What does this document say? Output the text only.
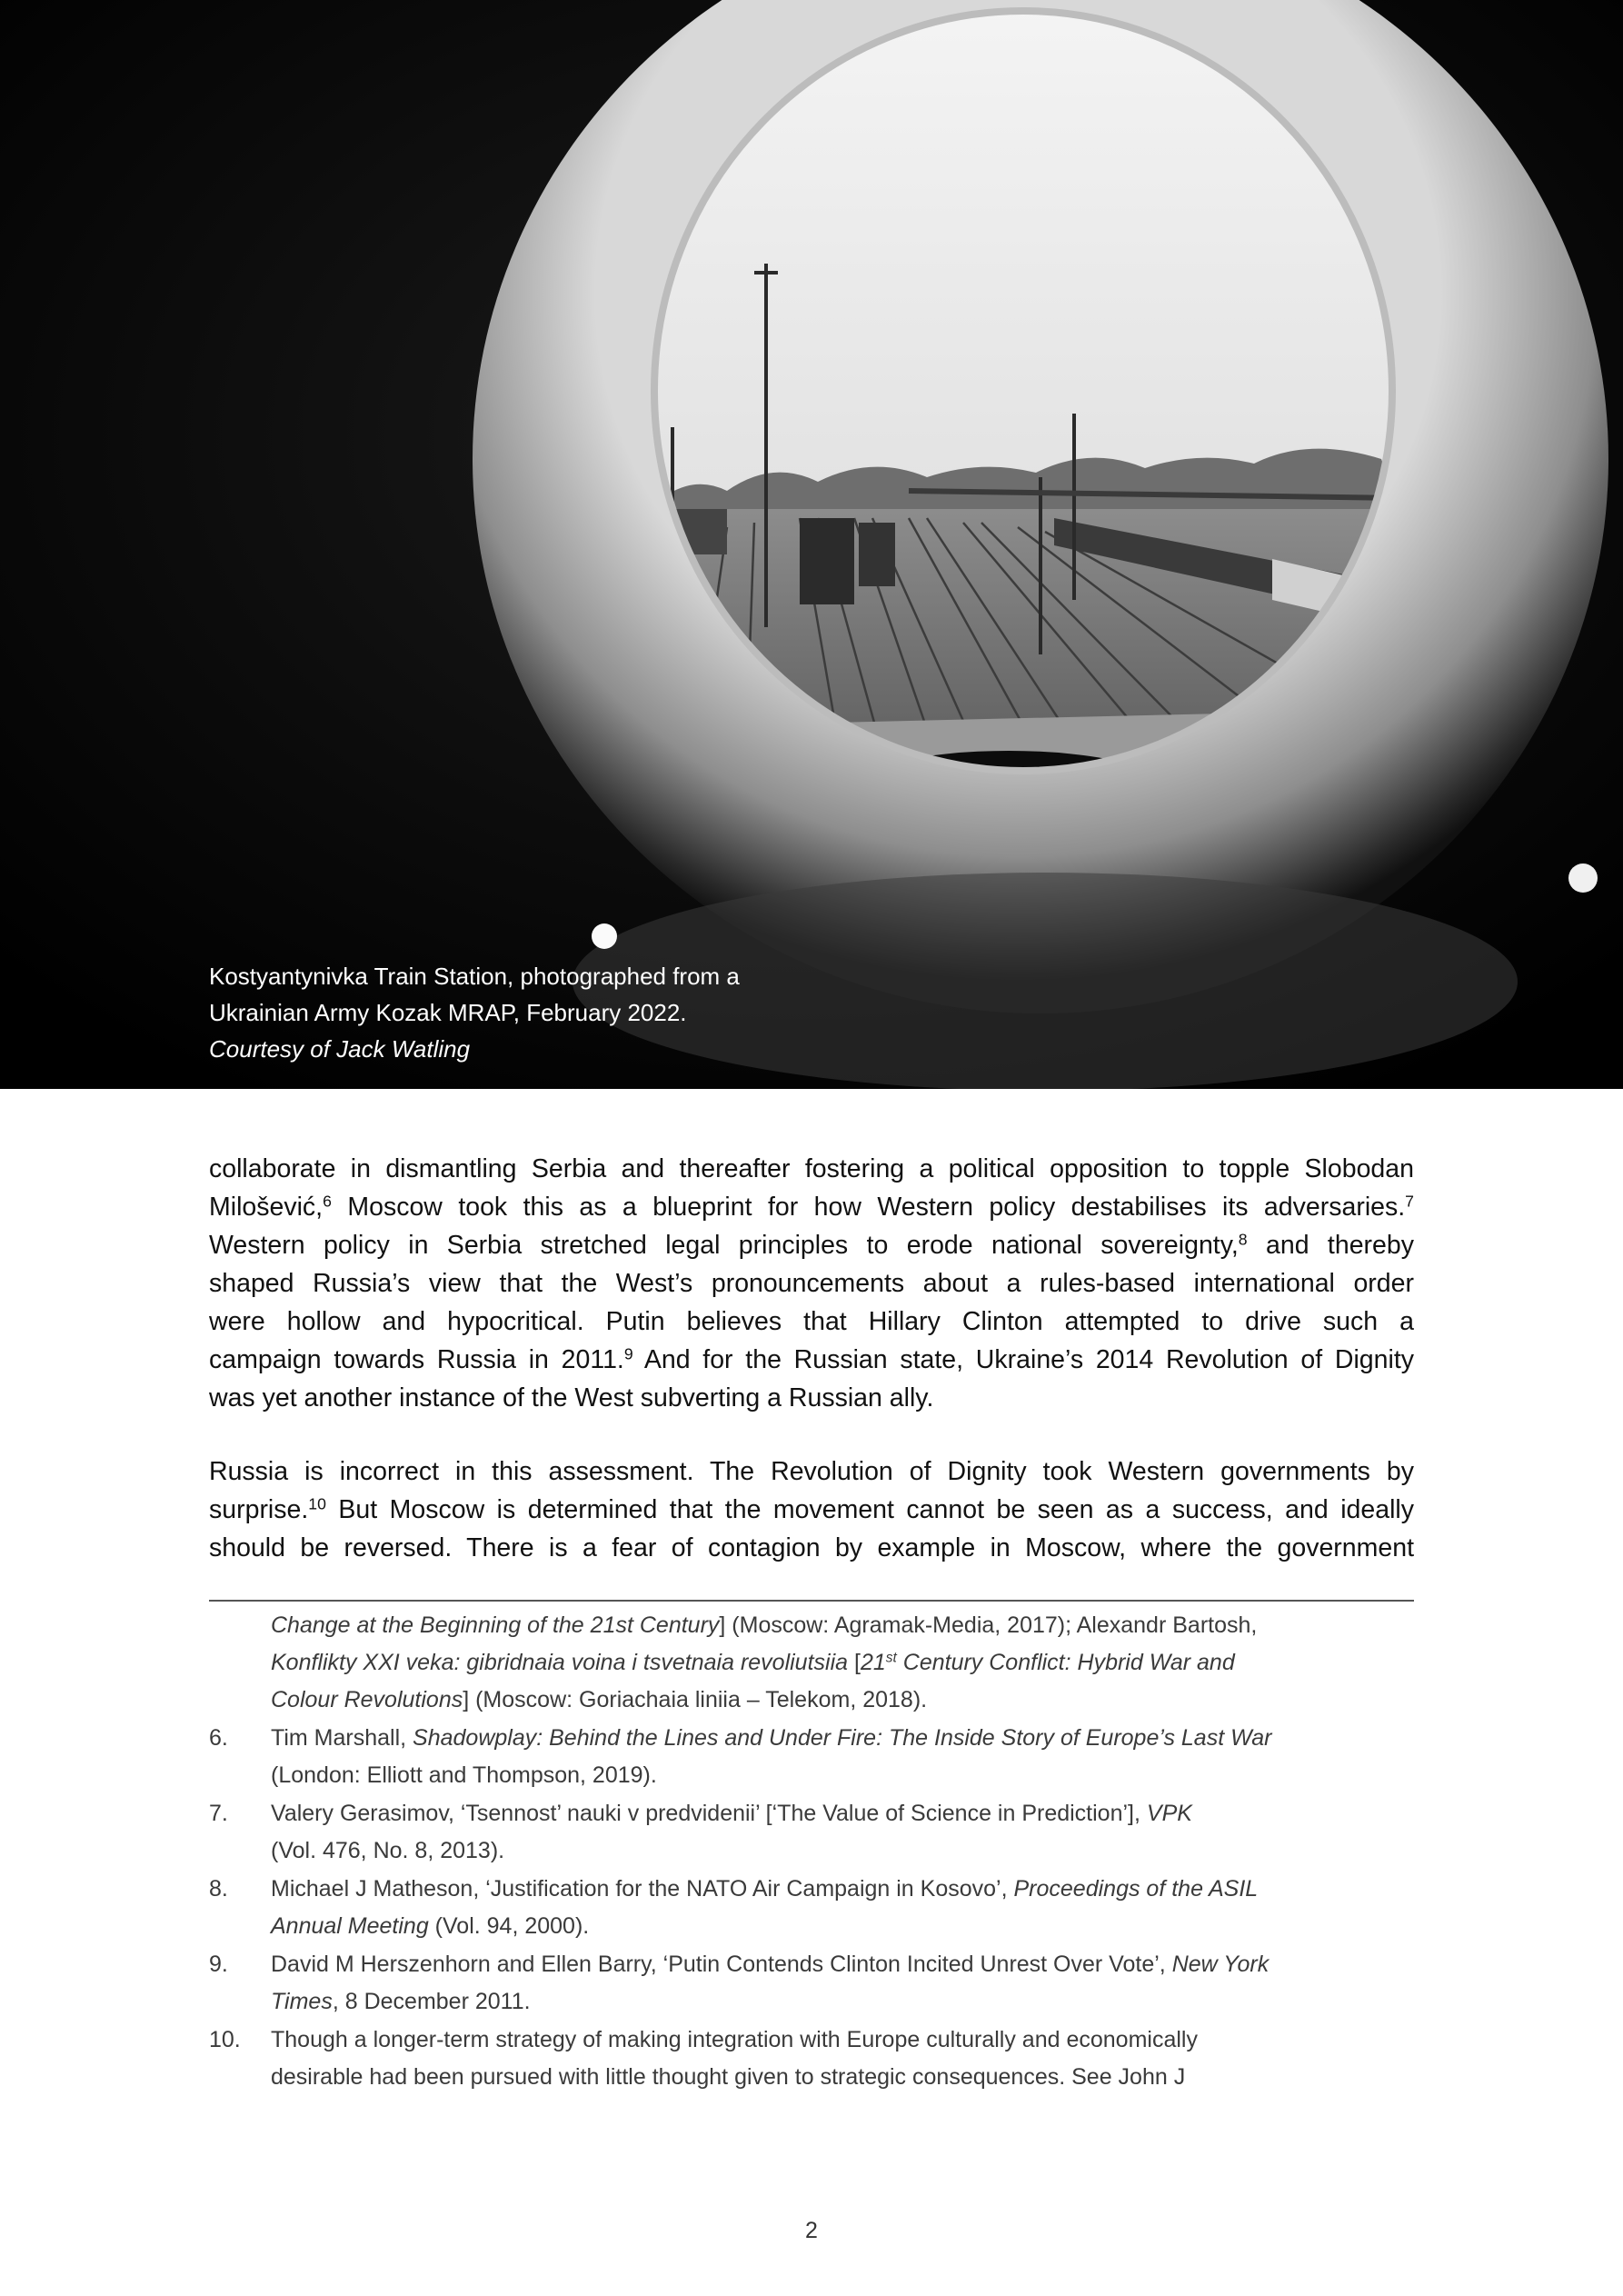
Kostyantynivka Train Station, photographed from a
Ukrainian Army Kozak MRAP, February 2022.
Courtesy of Jack Watling
collaborate in dismantling Serbia and thereafter fostering a political opposition to topple Slobodan
Milošević,$^6$ Moscow took this as a blueprint for how Western policy destabilises its adversaries.$^7$
Western policy in Serbia stretched legal principles to erode national sovereignty,$^8$ and thereby
shaped Russia’s view that the West’s pronouncements about a rules-based international order
were hollow and hypocritical. Putin believes that Hillary Clinton attempted to drive such a
campaign towards Russia in 2011.$^9$ And for the Russian state, Ukraine’s 2014 Revolution of Dignity
was yet another instance of the West subverting a Russian ally.
Russia is incorrect in this assessment. The Revolution of Dignity took Western governments by
surprise.$^{10}$ But Moscow is determined that the movement cannot be seen as a success, and ideally
should be reversed. There is a fear of contagion by example in Moscow, where the government
Change at the Beginning of the 21st Century] (Moscow: Agramak-Media, 2017); Alexandr Bartosh,
Konflikty XXI veka: gibridnaia voina i tsvetnaia revoliutsiia [21st Century Conflict: Hybrid War and
Colour Revolutions] (Moscow: Goriachaia liniia – Telekom, 2018).
6. Tim Marshall, Shadowplay: Behind the Lines and Under Fire: The Inside Story of Europe’s Last War
(London: Elliott and Thompson, 2019).
7. Valery Gerasimov, ‘Tsennost’ nauki v predvidenii’ [‘The Value of Science in Prediction’], VPK
(Vol. 476, No. 8, 2013).
8. Michael J Matheson, ‘Justification for the NATO Air Campaign in Kosovo’, Proceedings of the ASIL
Annual Meeting (Vol. 94, 2000).
9. David M Herszenhorn and Ellen Barry, ‘Putin Contends Clinton Incited Unrest Over Vote’, New York
Times, 8 December 2011.
10. Though a longer-term strategy of making integration with Europe culturally and economically
desirable had been pursued with little thought given to strategic consequences. See John J
2
